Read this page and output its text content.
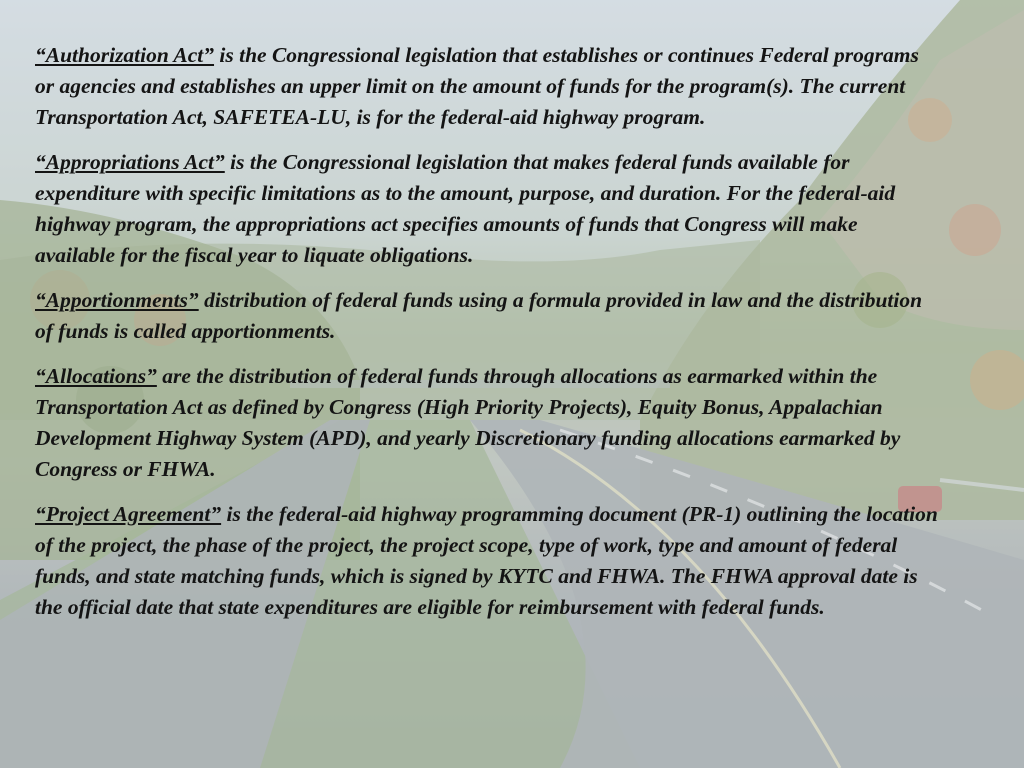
“Authorization Act” is the Congressional legislation that establishes or continues Federal programs or agencies and establishes an upper limit on the amount of funds for the program(s). The current Transportation Act, SAFETEA-LU, is for the federal-aid highway program.

“Appropriations Act” is the Congressional legislation that makes federal funds available for expenditure with specific limitations as to the amount, purpose, and duration. For the federal-aid highway program, the appropriations act specifies amounts of funds that Congress will make available for the fiscal year to liquate obligations.

“Apportionments” distribution of federal funds using a formula provided in law and the distribution of funds is called apportionments.

“Allocations” are the distribution of federal funds through allocations as earmarked within the Transportation Act as defined by Congress (High Priority Projects), Equity Bonus, Appalachian Development Highway System (APD), and yearly Discretionary funding allocations earmarked by Congress or FHWA.

“Project Agreement” is the federal-aid highway programming document (PR-1) outlining the location of the project, the phase of the project, the project scope, type of work, type and amount of federal funds, and state matching funds, which is signed by KYTC and FHWA. The FHWA approval date is the official date that state expenditures are eligible for reimbursement with federal funds.
